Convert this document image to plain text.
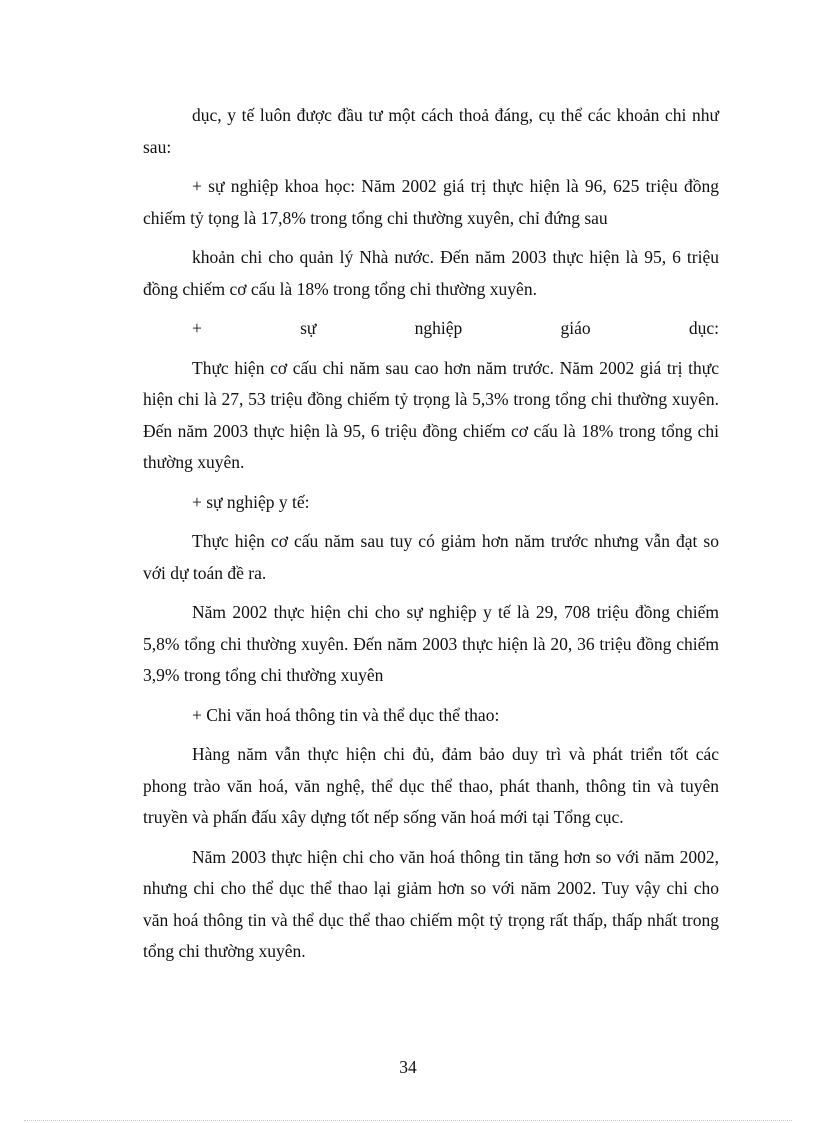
dục, y tế luôn được đầu tư một cách thoả đáng, cụ thể các khoản chi như sau:

+ sự nghiệp khoa học: Năm 2002 giá trị thực hiện là 96, 625 triệu đồng chiếm tỷ tọng là 17,8% trong tổng chi thường xuyên, chỉ đứng sau

khoản chi cho quản lý Nhà nước. Đến năm 2003 thực hiện là 95, 6 triệu đồng chiếm cơ cấu là 18% trong tổng chi thường xuyên.

+ sự nghiệp giáo dục:

Thực hiện cơ cấu chi năm sau cao hơn năm trước. Năm 2002 giá trị thực hiện chi là 27, 53 triệu đồng chiếm tỷ trọng là 5,3% trong tổng chi thường xuyên. Đến năm 2003 thực hiện là 95, 6 triệu đồng chiếm cơ cấu là 18% trong tổng chi thường xuyên.

+ sự nghiệp y tế:

Thực hiện cơ cấu năm sau tuy có giảm hơn năm trước nhưng vẫn đạt so với dự toán đề ra.

Năm 2002 thực hiện chi cho sự nghiệp y tế là 29, 708 triệu đồng chiếm 5,8% tổng chi thường xuyên. Đến năm 2003 thực hiện là 20, 36 triệu đồng chiếm 3,9% trong tổng chi thường xuyên

+ Chi văn hoá thông tin và thể dục thể thao:

Hàng năm vẫn thực hiện chi đủ, đảm bảo duy trì và phát triển tốt các phong trào văn hoá, văn nghệ, thể dục thể thao, phát thanh, thông tin và tuyên truyền và phấn đấu xây dựng tốt nếp sống văn hoá mới tại Tổng cục.

Năm 2003 thực hiện chi cho văn hoá thông tin tăng hơn so với năm 2002, nhưng chi cho thể dục thể thao lại giảm hơn so với năm 2002. Tuy vậy chi cho văn hoá thông tin và thể dục thể thao chiếm một tỷ trọng rất thấp, thấp nhất trong tổng chi thường xuyên.

34
